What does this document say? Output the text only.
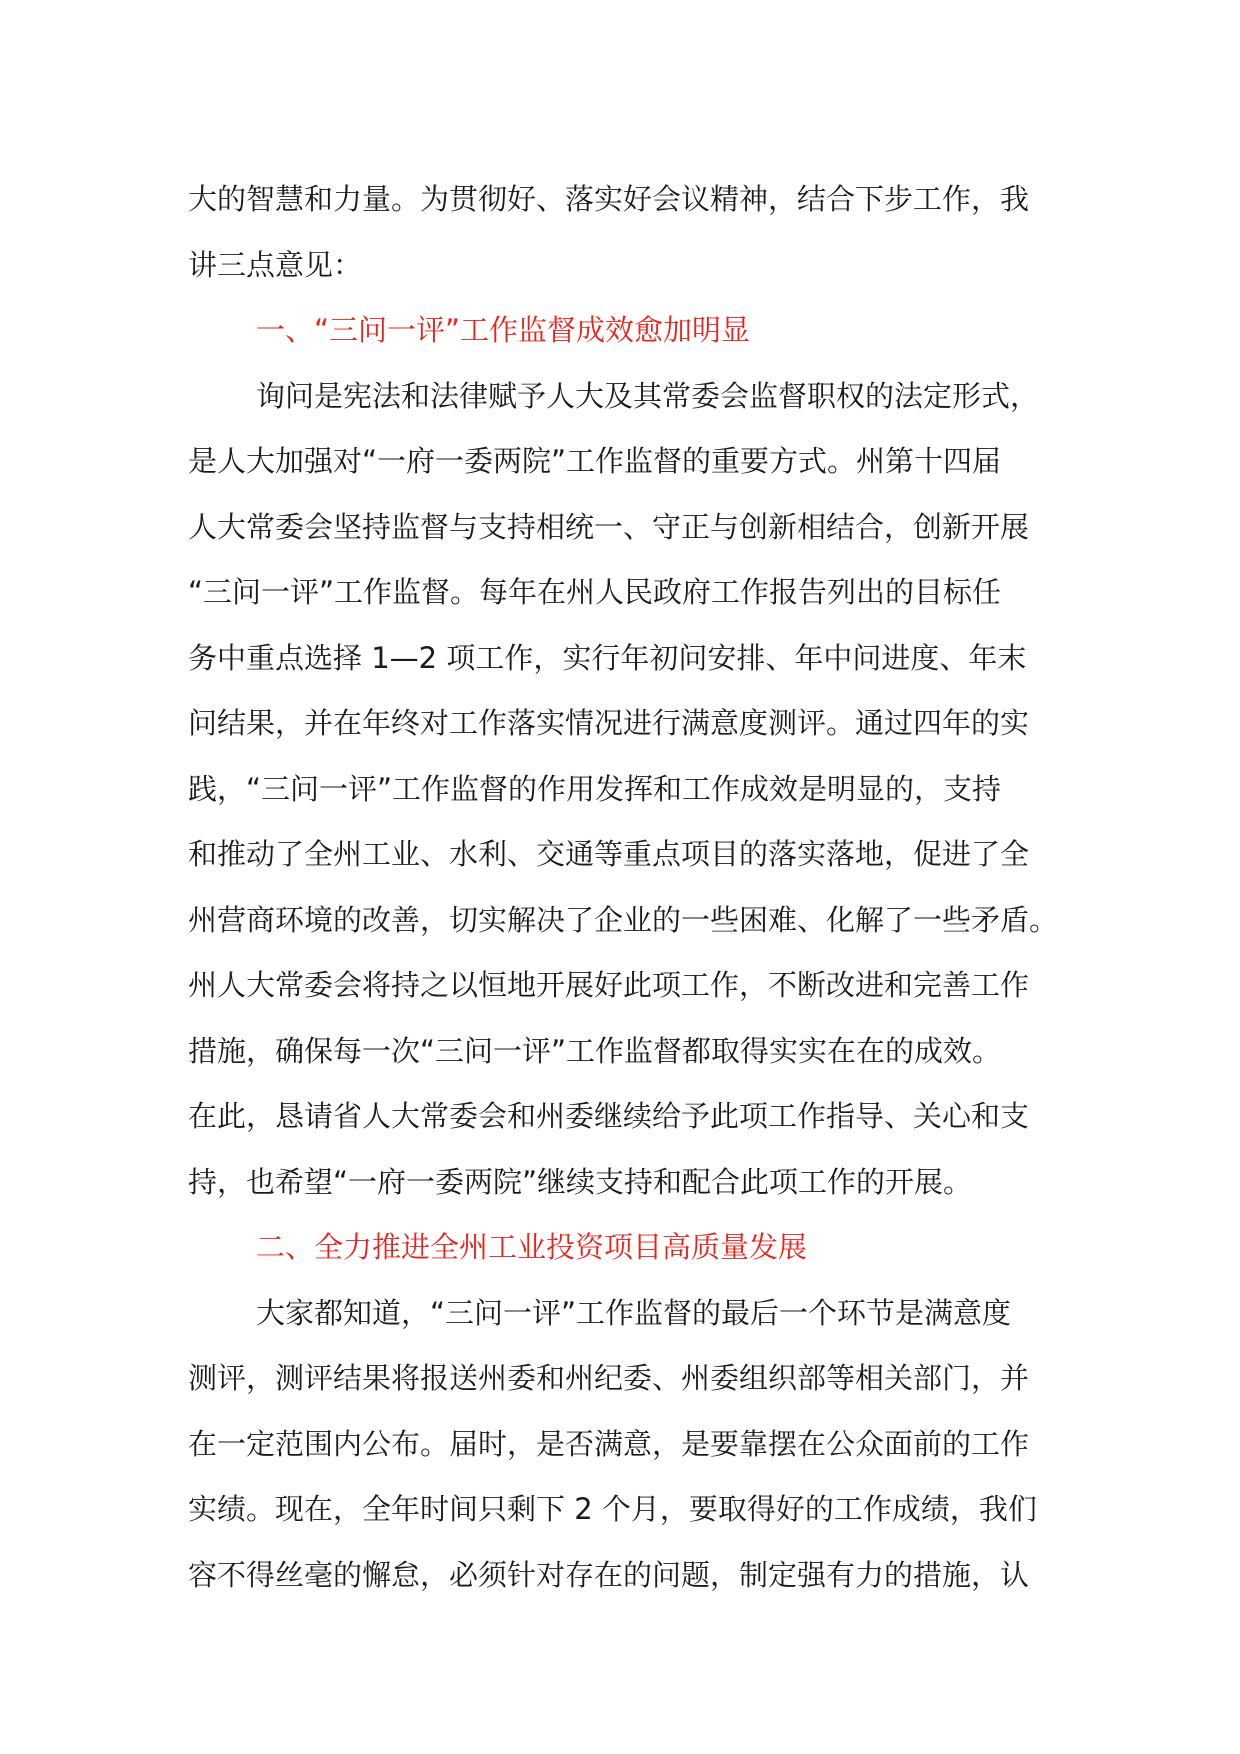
大的智慧和力量。为贯彻好、落实好会议精神，结合下步工作，我
讲三点意见：
一、“三问一评”工作监督成效愈加明显
询问是宪法和法律赋予人大及其常委会监督职权的法定形式，
是人大加强对“一府一委两院”工作监督的重要方式。州第十四届
人大常委会坚持监督与支持相统一、守正与创新相结合，创新开展
“三问一评”工作监督。每年在州人民政府工作报告列出的目标任
务中重点选择 1—2 项工作，实行年初问安排、年中问进度、年末
问结果，并在年终对工作落实情况进行满意度测评。通过四年的实
践，“三问一评”工作监督的作用发挥和工作成效是明显的，支持
和推动了全州工业、水利、交通等重点项目的落实落地，促进了全
州营商环境的改善，切实解决了企业的一些困难、化解了一些矛盾。
州人大常委会将持之以恒地开展好此项工作，不断改进和完善工作
措施，确保每一次“三问一评”工作监督都取得实实在在的成效。
在此，恳请省人大常委会和州委继续给予此项工作指导、关心和支
持，也希望“一府一委两院”继续支持和配合此项工作的开展。
二、全力推进全州工业投资项目高质量发展
大家都知道，“三问一评”工作监督的最后一个环节是满意度
测评，测评结果将报送州委和州纪委、州委组织部等相关部门，并
在一定范围内公布。届时，是否满意，是要靠摆在公众面前的工作
实绩。现在，全年时间只剩下 2 个月，要取得好的工作成绩，我们
容不得丝毫的懈怠，必须针对存在的问题，制定强有力的措施，认
